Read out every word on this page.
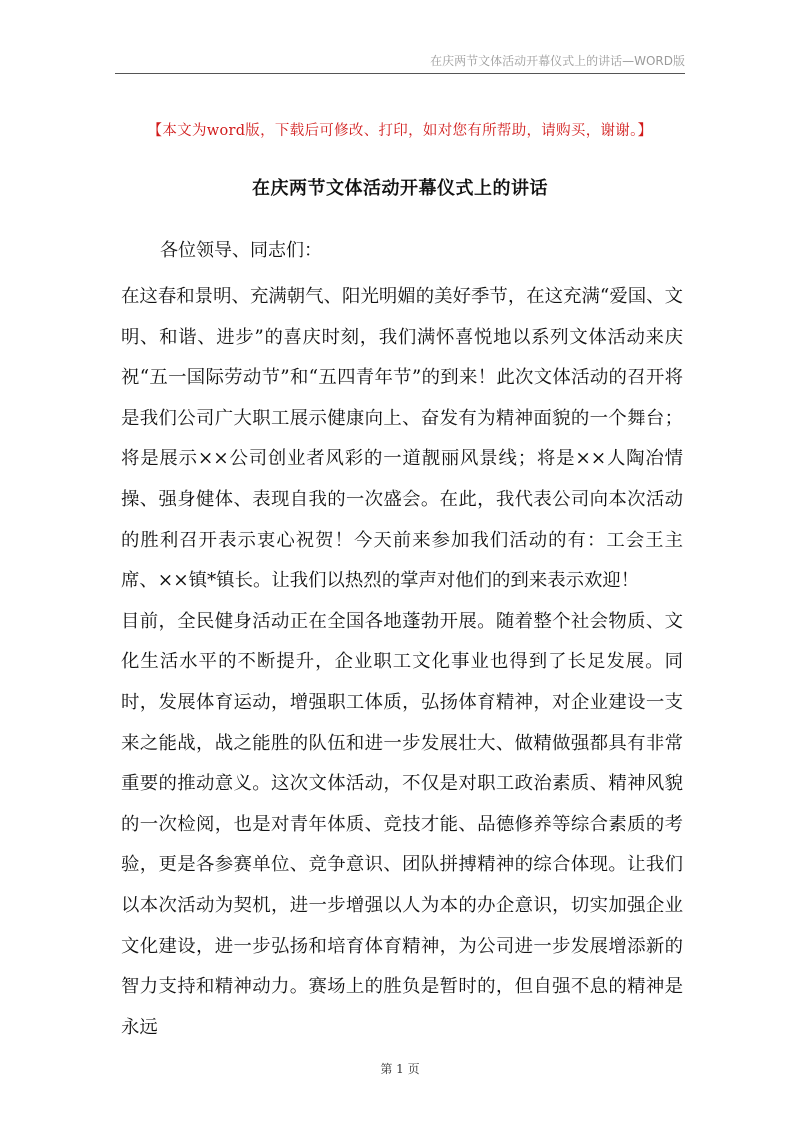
在庆两节文体活动开幕仪式上的讲话—WORD版
【本文为word版，下载后可修改、打印，如对您有所帮助，请购买，谢谢。】
在庆两节文体活动开幕仪式上的讲话
各位领导、同志们：

在这春和景明、充满朝气、阳光明媚的美好季节，在这充满“爱国、文明、和谐、进步”的喜庆时刻，我们满怀喜悦地以系列文体活动来庆祝“五一国际劳动节”和“五四青年节”的到来！此次文体活动的召开将是我们公司广大职工展示健康向上、奋发有为精神面貌的一个舞台；将是展示××公司创业者风彩的一道靓丽风景线；将是××人陶冶情操、强身健体、表现自我的一次盛会。在此，我代表公司向本次活动的胜利召开表示衷心祝贺！今天前来参加我们活动的有：工会王主席、××镇*镇长。让我们以热烈的掌声对他们的到来表示欢迎！

目前，全民健身活动正在全国各地蓬勃开展。随着整个社会物质、文化生活水平的不断提升，企业职工文化事业也得到了长足发展。同时，发展体育运动，增强职工体质，弘扬体育精神，对企业建设一支来之能战，战之能胜的队伍和进一步发展壮大、做精做强都具有非常重要的推动意义。这次文体活动，不仅是对职工政治素质、精神风貌的一次检阅，也是对青年体质、竞技才能、品德修养等综合素质的考验，更是各参赛单位、竞争意识、团队拼搏精神的综合体现。让我们以本次活动为契机，进一步增强以人为本的办企意识，切实加强企业文化建设，进一步弘扬和培育体育精神，为公司进一步发展增添新的智力支持和精神动力。赛场上的胜负是暂时的，但自强不息的精神是永远

第 1 页
